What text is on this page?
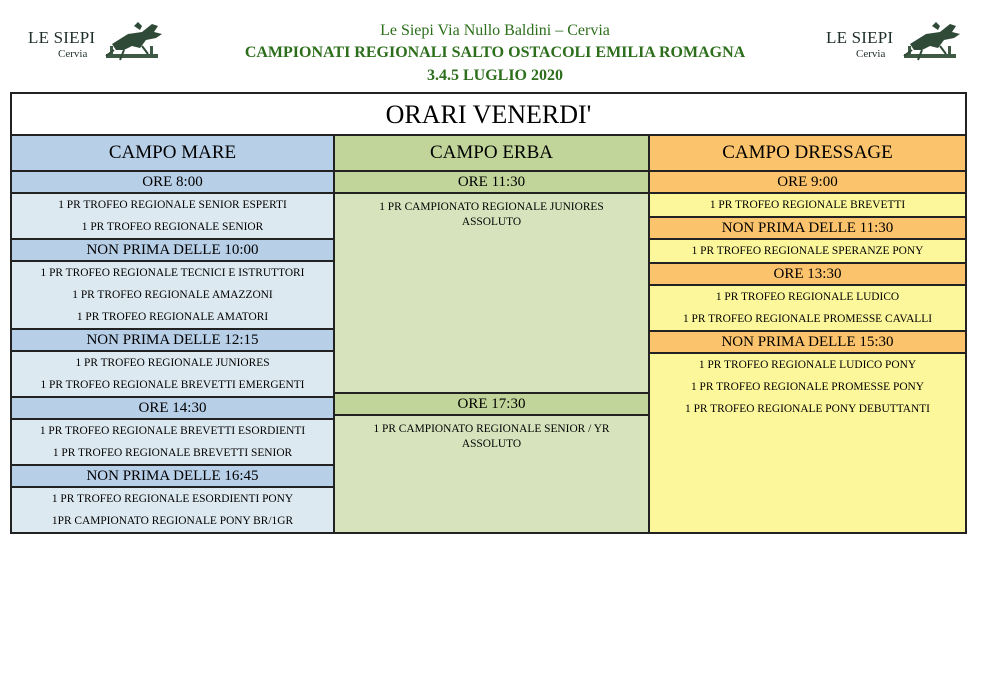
LE SIEPI
Cervia
LE SIEPI
Cervia
Le Siepi Via Nullo Baldini – Cervia
CAMPIONATI REGIONALI SALTO OSTACOLI EMILIA ROMAGNA
3.4.5 LUGLIO 2020
ORARI VENERDI'
CAMPO MARE
ORE 8:00
1 PR TROFEO REGIONALE SENIOR ESPERTI
1 PR TROFEO REGIONALE SENIOR
NON PRIMA DELLE 10:00
1 PR TROFEO REGIONALE TECNICI E ISTRUTTORI
1 PR TROFEO REGIONALE AMAZZONI
1 PR TROFEO REGIONALE AMATORI
NON PRIMA DELLE 12:15
1 PR TROFEO REGIONALE JUNIORES
1 PR TROFEO REGIONALE BREVETTI EMERGENTI
ORE 14:30
1 PR TROFEO REGIONALE BREVETTI ESORDIENTI
1 PR TROFEO REGIONALE BREVETTI SENIOR
NON PRIMA DELLE 16:45
1 PR TROFEO REGIONALE ESORDIENTI PONY
1PR CAMPIONATO REGIONALE PONY BR/1GR
CAMPO ERBA
ORE 11:30
1 PR CAMPIONATO REGIONALE JUNIORES ASSOLUTO
ORE 17:30
1 PR CAMPIONATO REGIONALE SENIOR / YR ASSOLUTO
CAMPO DRESSAGE
ORE 9:00
1 PR TROFEO REGIONALE BREVETTI
NON PRIMA DELLE 11:30
1 PR TROFEO REGIONALE SPERANZE PONY
ORE 13:30
1 PR TROFEO REGIONALE LUDICO
1 PR TROFEO REGIONALE PROMESSE CAVALLI
NON PRIMA DELLE 15:30
1 PR TROFEO REGIONALE LUDICO PONY
1 PR TROFEO REGIONALE PROMESSE PONY
1 PR TROFEO REGIONALE PONY DEBUTTANTI
